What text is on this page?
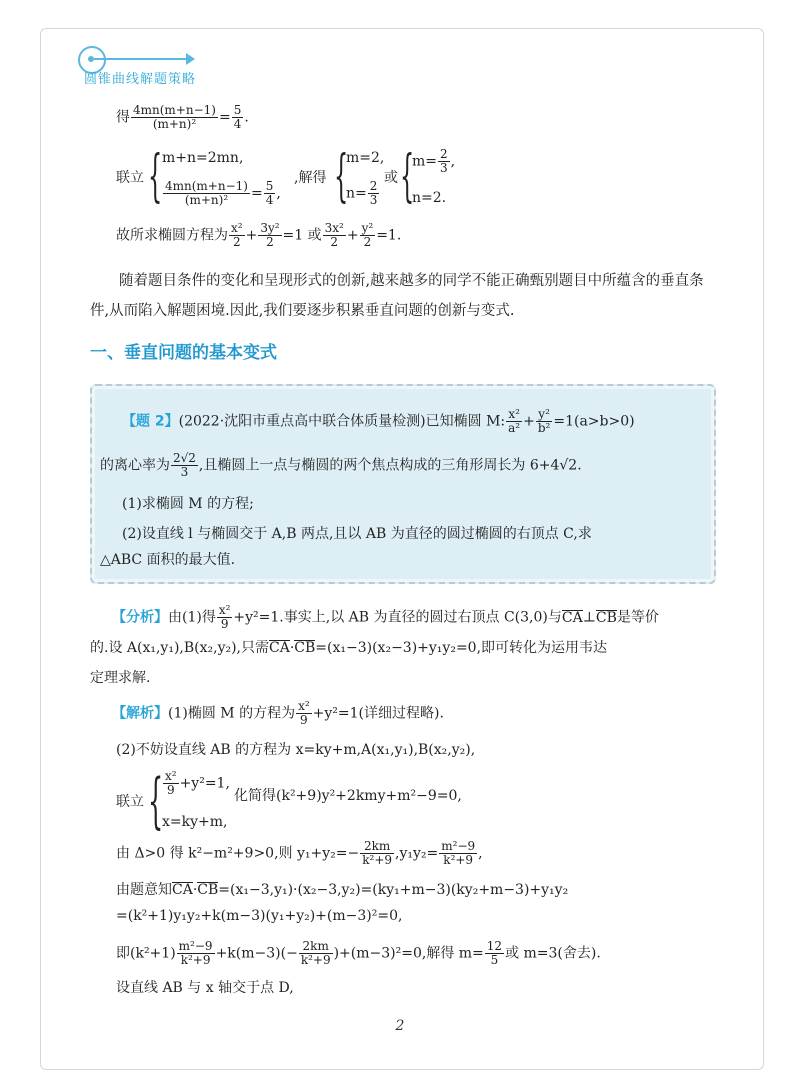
圆锥曲线解题策略
得 $\frac{4mn(m+n-1)}{\text{(m+n)²}} = \frac{5}{4}$ .
联立 { m+n=2mn,
$\frac{4mn(m+n-1)}{\text{(m+n)²}} = \frac{5}{4}$ ,
,解得 {
m=2,
$n= \frac{2}{3}$
或 {
$m= \frac{2}{3}$ ,
n=2.
故所求椭圆方程为 $\frac{\text{x²}}{2} + \frac{\text{3y²}}{2} =1$ 或 $\frac{\text{3x²}}{2} + \frac{\text{y²}}{2} =1$.
随着题目条件的变化和呈现形式的创新,越来越多的同学不能正确甄别题目中所蕴含的垂直条件,从而陷入解题困境.因此,我们要逐步积累垂直问题的创新与变式.
一、垂直问题的基本变式
【题 2】(2022·沈阳市重点高中联合体质量检测)已知椭圆 M: $\frac{\text{x²}}{\text{a²}} + \frac{\text{y²}}{\text{b²}} =1(a>b>0)$
的离心率为 $\frac{2√2}{3}$ ,且椭圆上一点与椭圆的两个焦点构成的三角形周长为 6+4√2.
(1)求椭圆 M 的方程;
(2)设直线 l 与椭圆交于 A,B 两点,且以 AB 为直径的圆过椭圆的右顶点 C,求
△ABC 面积的最大值.
【分析】由(1)得 $\frac{\text{x²}}{9} +y^2=1$.事实上,以 AB 为直径的圆过右顶点 C(3,0)与CA⊥CB是等价
的.设 A(x₁,y₁),B(x₂,y₂),只需CA·CB=(x₁−3)(x₂−3)+y₁y₂=0,即可转化为运用韦达
定理求解.
【解析】(1)椭圆 M 的方程为 $\frac{\text{x²}}{9} +y^2=1$(详细过程略).
(2)不妨设直线 AB 的方程为 x=ky+m,A(x₁,y₁),B(x₂,y₂),
联立 { $\frac{\text{x²}}{9} +y^2=1$,
x=ky+m,
化简得(k²+9)y²+2kmy+m²−9=0,
由 Δ>0 得 k²−m²+9>0,则 $y_1+y_2=- \frac{2km}{\text{k²+9}} ,y_1y_2= \frac{\text{m²−9}}{\text{k²+9}}$ ,
由题意知CA·CB=(x₁−3,y₁)·(x₂−3,y₂)=(ky₁+m−3)(ky₂+m−3)+y₁y₂
=(k²+1)y₁y₂+k(m−3)(y₁+y₂)+(m−3)²=0,
即$(k^2+1) \frac{\text{m²−9}}{\text{k²+9}} +k(m-3)(- \frac{2km}{\text{k²+9}} )+(m-3)^2=0$,解得 $m= \frac{12}{5}$ 或 m=3(舍去).
设直线 AB 与 x 轴交于点 D,
2
